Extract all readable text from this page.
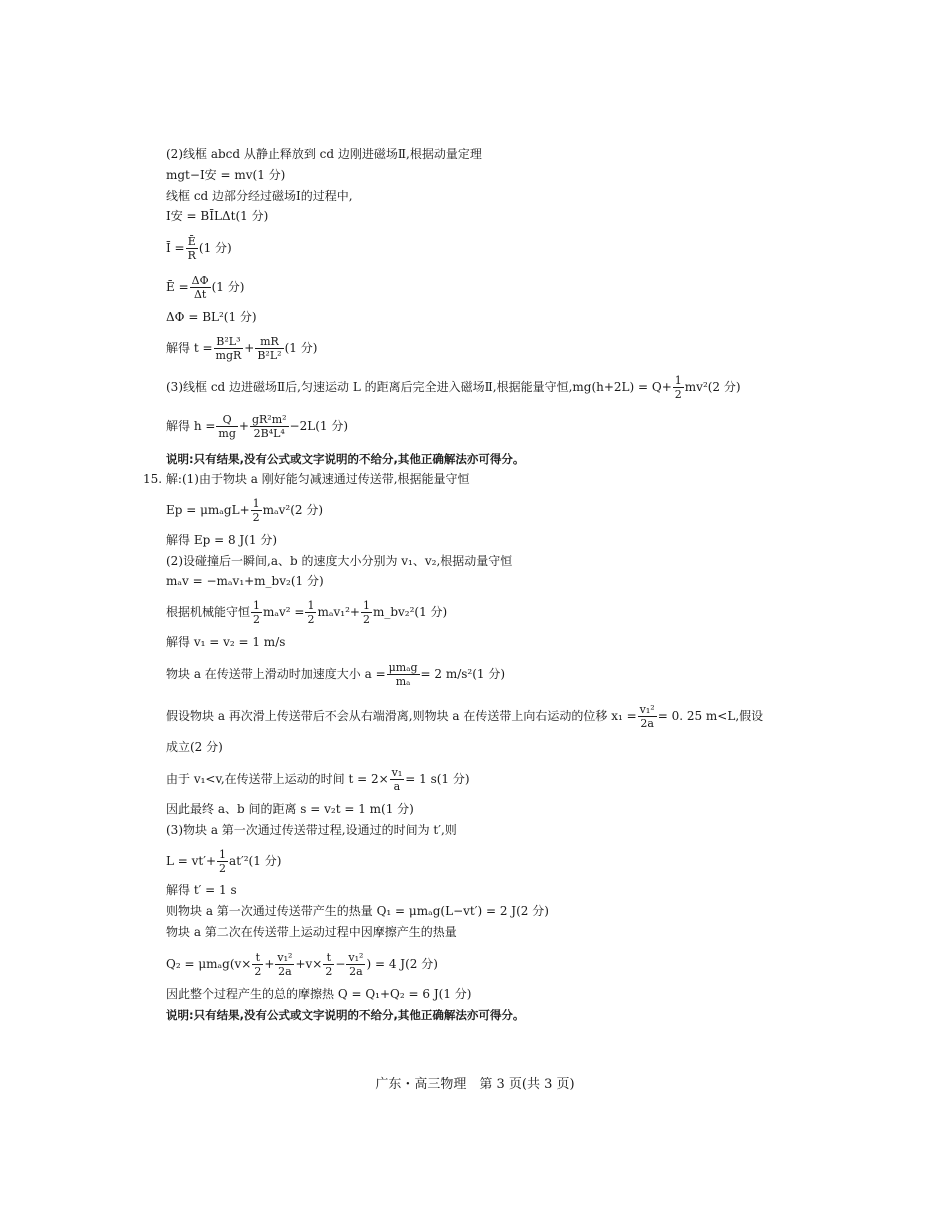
(2)线框 abcd 从静止释放到 cd 边刚进磁场Ⅱ,根据动量定理
mgt−I安 = mv(1 分)
线框 cd 边部分经过磁场Ⅰ的过程中,
I安 = BĪLΔt(1 分)
Ī = $\frac{Ē}{R} (1$ 分)
Ē = $\frac{\Delta\Phi}{\Delta t} (1$ 分)
ΔΦ = BL²(1 分)
解得 $t = \frac{\text{B²L³}}{\text{mgR}} + \frac{mR}{\text{B²L²}} (1$ 分)
(3)线框 cd 边进磁场Ⅱ后,匀速运动 L 的距离后完全进入磁场Ⅱ,根据能量守恒$,mg(h+2L) = Q+ \frac{1}{2} mv^2(2$ 分)
解得 $h = \frac{Q}{mg} + \frac{\text{gR²m²}}{\text{2B⁴L⁴}} -2L(1$ 分)
说明:只有结果,没有公式或文字说明的不给分,其他正确解法亦可得分。
15. 解:(1)由于物块 a 刚好能匀减速通过传送带,根据能量守恒
$Ep = \mu m_agL+ \frac{1}{2} m_av^2(2$ 分)
解得 Ep = 8 J(1 分)
(2)设碰撞后一瞬间,a、b 的速度大小分别为 v₁、v₂,根据动量守恒
mₐv = −mₐv₁+m_bv₂(1 分)
根据机械能守恒 $\frac{1}{2} m_av^2 = \frac{1}{2} m_av_1^2+ \frac{1}{2}$ m_bv₂²(1 分)
解得 v₁ = v₂ = 1 m/s
物块 a 在传送带上滑动时加速度大小 $a = \frac{\text{μmₐg}}{\text{mₐ}} = 2$ m/s²(1 分)
假设物块 a 再次滑上传送带后不会从右端滑离,则物块 a 在传送带上向右运动的位移 $x_1 = \frac{\text{v₁²}}{2a} = 0$. 25 m<L,假设
成立(2 分)
由于 v₁<v,在传送带上运动的时间 $t = 2\times \frac{\text{v₁}}{a} = 1$ s(1 分)
因此最终 a、b 间的距离 s = v₂t = 1 m(1 分)
(3)物块 a 第一次通过传送带过程,设通过的时间为 t′,则
$L = vt'+ \frac{1}{2} at'^2(1$ 分)
解得 t′ = 1 s
则物块 a 第一次通过传送带产生的热量 Q₁ = μmₐg(L−vt′) = 2 J(2 分)
物块 a 第二次在传送带上运动过程中因摩擦产生的热量
$Q_2 = \mu m_ag(v\times \frac{t}{2} + \frac{\text{v₁²}}{2a} +v\times \frac{t}{2} - \frac{\text{v₁²}}{2a}$ ) = 4 J(2 分)
因此整个过程产生的总的摩擦热 Q = Q₁+Q₂ = 6 J(1 分)
说明:只有结果,没有公式或文字说明的不给分,其他正确解法亦可得分。
广东・高三物理　第 3 页(共 3 页)
